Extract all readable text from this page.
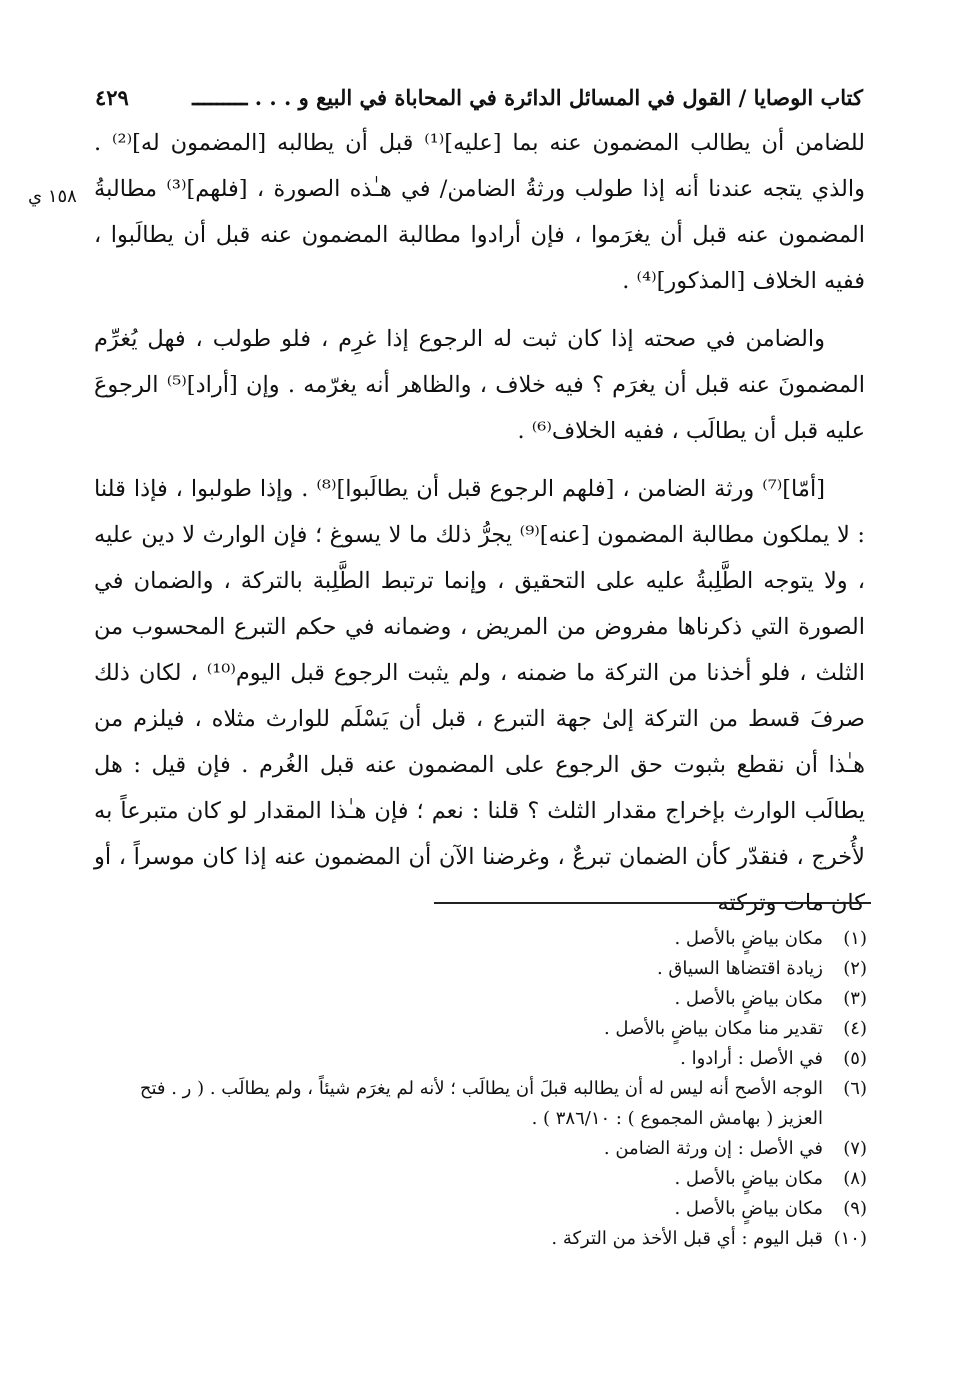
كتاب الوصايا / القول في المسائل الدائرة في المحاباة في البيع و . . . ـــــــــ
٤٢٩
١٥٨ ي

للضامن أن يطالب المضمون عنه بما [عليه]⁽¹⁾ قبل أن يطالبه [المضمون له]⁽²⁾ . والذي يتجه عندنا أنه إذا طولب ورثةُ الضامن/ في هـٰذه الصورة ، [فلهم]⁽³⁾ مطالبةُ المضمون عنه قبل أن يغرَموا ، فإن أرادوا مطالبة المضمون عنه قبل أن يطالَبوا ، ففيه الخلاف [المذكور]⁽⁴⁾ .

والضامن في صحته إذا كان ثبت له الرجوع إذا غرِم ، فلو طولب ، فهل يُغرِّم المضمونَ عنه قبل أن يغرَم ؟ فيه خلاف ، والظاهر أنه يغرّمه . وإن [أراد]⁽⁵⁾ الرجوعَ عليه قبل أن يطالَب ، ففيه الخلاف⁽⁶⁾ .

[أمّا]⁽⁷⁾ ورثة الضامن ، [فلهم الرجوع قبل أن يطالَبوا]⁽⁸⁾ . وإذا طولبوا ، فإذا قلنا : لا يملكون مطالبة المضمون [عنه]⁽⁹⁾ يجرُّ ذلك ما لا يسوغ ؛ فإن الوارث لا دين عليه ، ولا يتوجه الطَّلِبةُ عليه على التحقيق ، وإنما ترتبط الطَّلِبة بالتركة ، والضمان في الصورة التي ذكرناها مفروض من المريض ، وضمانه في حكم التبرع المحسوب من الثلث ، فلو أخذنا من التركة ما ضمنه ، ولم يثبت الرجوع قبل اليوم⁽¹⁰⁾ ، لكان ذلك صرفَ قسط من التركة إلىٰ جهة التبرع ، قبل أن يَسْلَم للوارث مثلاه ، فيلزم من هـٰذا أن نقطع بثبوت حق الرجوع على المضمون عنه قبل الغُرم . فإن قيل : هل يطالَب الوارث بإخراج مقدار الثلث ؟ قلنا : نعم ؛ فإن هـٰذا المقدار لو كان متبرعاً به لأُخرج ، فنقدّر كأن الضمان تبرعٌ ، وغرضنا الآن أن المضمون عنه إذا كان موسراً ، أو كان مات وتركته

(١)
مكان بياضٍ بالأصل .
(٢)
زيادة اقتضاها السياق .
(٣)
مكان بياضٍ بالأصل .
(٤)
تقدير منا مكان بياضٍ بالأصل .
(٥)
في الأصل : أرادوا .
(٦)
الوجه الأصح أنه ليس له أن يطالبه قبلَ أن يطالَب ؛ لأنه لم يغرَم شيئاً ، ولم يطالَب . ( ر . فتح العزيز ( بهامش المجموع ) : ٣٨٦/١٠ ) .
(٧)
في الأصل : إن ورثة الضامن .
(٨)
مكان بياضٍ بالأصل .
(٩)
مكان بياضٍ بالأصل .
(١٠)
قبل اليوم : أي قبل الأخذ من التركة .
